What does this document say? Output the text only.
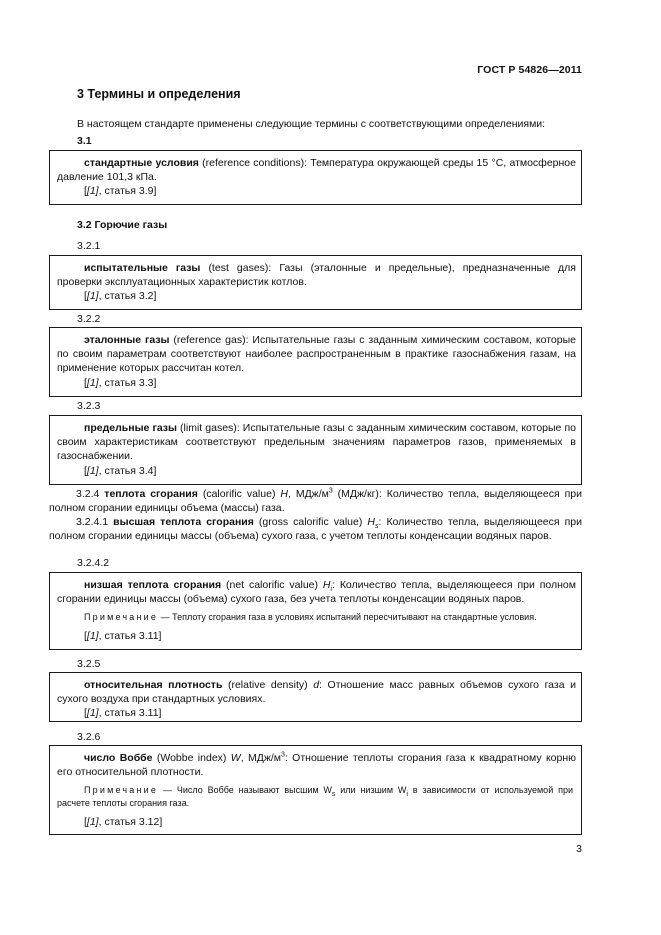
ГОСТ Р 54826—2011
3 Термины и определения
В настоящем стандарте применены следующие термины с соответствующими определениями:
3.1

стандартные условия (reference conditions): Температура окружающей среды 15 °С, атмосферное давление 101,3 кПа.

[[1], статья 3.9]

3.2 Горючие газы
3.2.1

испытательные газы (test gases): Газы (эталонные и предельные), предназначенные для проверки эксплуатационных характеристик котлов.

[[1], статья 3.2]

3.2.2

эталонные газы (reference gas): Испытательные газы с заданным химическим составом, которые по своим параметрам соответствуют наиболее распространенным в практике газоснабжения газам, на применение которых рассчитан котел.

[[1], статья 3.3]

3.2.3

предельные газы (limit gases): Испытательные газы с заданным химическим составом, которые по своим характеристикам соответствуют предельным значениям параметров газов, применяемых в газоснабжении.

[[1], статья 3.4]

3.2.4 теплота сгорания (calorific value) H, МДж/$м^3$ (МДж/кг): Количество тепла, выделяющееся при полном сгорании единицы объема (массы) газа.

3.2.4.1 высшая теплота сгорания (gross calorific value) $H_s$: Количество тепла, выделяющееся при полном сгорании единицы массы (объема) сухого газа, с учетом теплоты конденсации водяных паров.

3.2.4.2

низшая теплота сгорания (net calorific value) $H_i$: Количество тепла, выделяющееся при полном сгорании единицы массы (объема) сухого газа, без учета теплоты конденсации водяных паров.

Примечание — Теплоту сгорания газа в условиях испытаний пересчитывают на стандартные условия.

[[1], статья 3.11]

3.2.5

относительная плотность (relative density) d: Отношение масс равных объемов сухого газа и сухого воздуха при стандартных условиях.

[[1], статья 3.11]

3.2.6

число Воббе (Wobbe index) W, МДж/$м^3$: Отношение теплоты сгорания газа к квадратному корню его относительной плотности.

Примечание — Число Воббе называют высшим $W_s$ или низшим $W_i$ в зависимости от используемой при расчете теплоты сгорания газа.

[[1], статья 3.12]

3
